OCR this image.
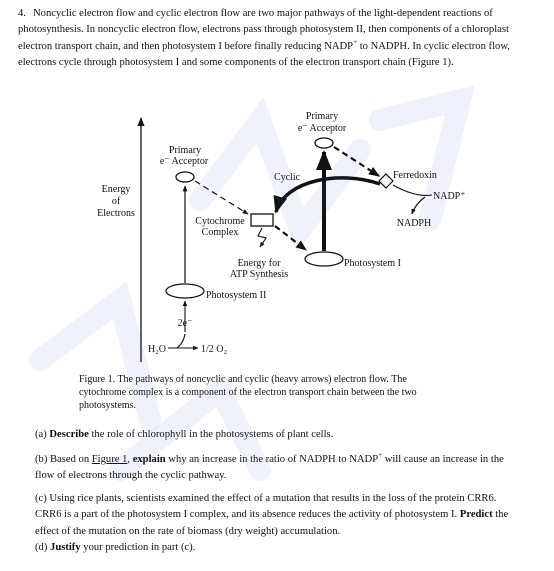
4. Noncyclic electron flow and cyclic electron flow are two major pathways of the light-dependent reactions of photosynthesis. In noncyclic electron flow, electrons pass through photosystem II, then components of a chloroplast electron transport chain, and then photosystem I before finally reducing NADP+ to NADPH. In cyclic electron flow, electrons cycle through photosystem I and some components of the electron transport chain (Figure 1).

Energy
of
Electrons
Primary
e⁻ Acceptor
Primary
e⁻ Acceptor
Photosystem II
Photosystem I
Cytochrome
Complex
Energy for
ATP Synthesis
Ferredoxin
Cyclic
NADP⁺
NADPH
2e⁻
H₂O	1/2 O₂

Figure 1. The pathways of noncyclic and cyclic (heavy arrows) electron flow. The cytochrome complex is a component of the electron transport chain between the two photosystems.

(a) Describe the role of chlorophyll in the photosystems of plant cells.

(b) Based on Figure 1, explain why an increase in the ratio of NADPH to NADP+ will cause an increase in the flow of electrons through the cyclic pathway.

(c) Using rice plants, scientists examined the effect of a mutation that results in the loss of the protein CRR6. CRR6 is a part of the photosystem I complex, and its absence reduces the activity of photosystem I. Predict the effect of the mutation on the rate of biomass (dry weight) accumulation.

(d) Justify your prediction in part (c).
